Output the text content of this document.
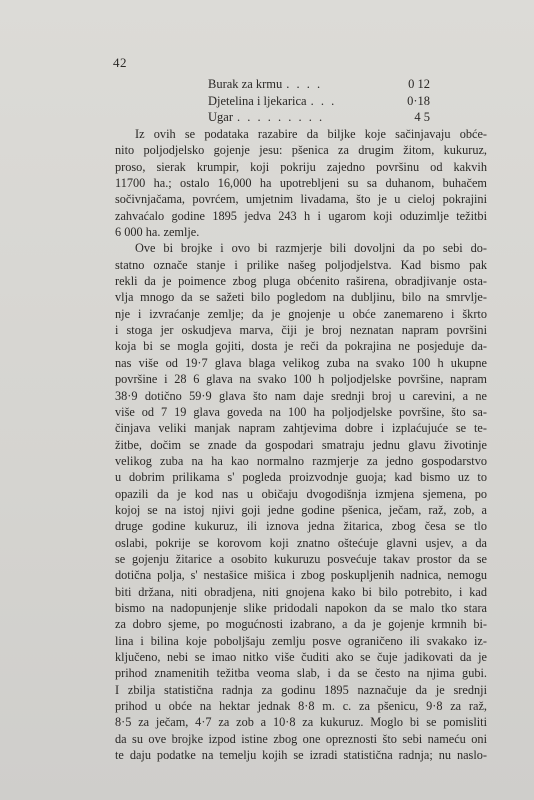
42
Burak za krmu . . . .	0 12
Djetelina i ljekarica . . .	0·18
Ugar . . . . . . . . .	4 5
Iz ovih se podataka razabire da biljke koje sačinjavaju obće-
nito poljodjelsko gojenje jesu: pšenica za drugim žitom, kukuruz,
proso, sierak krumpir, koji pokriju zajedno površinu od kakvih
11700 ha.; ostalo 16,000 ha upotrebljeni su sa duhanom, buhačem
sočivnjačama, povrćem, umjetnim livadama, što je u cieloj pokrajini
zahvaćalo godine 1895 jedva 243 h i ugarom koji oduzimlje težitbi
6 000 ha. zemlje.
Ove bi brojke i ovo bi razmjerje bili dovoljni da po sebi do-
statno označe stanje i prilike našeg poljodjelstva. Kad bismo pak
rekli da je poimence zbog pluga obćenito raširena, obradjivanje osta-
vlja mnogo da se sažeti bilo pogledom na dubljinu, bilo na smrvlje-
nje i izvraćanje zemlje; da je gnojenje u obće zanemareno i škrto
i stoga jer oskudjeva marva, čiji je broj neznatan napram površini
koja bi se mogla gojiti, dosta je reči da pokrajina ne posjeduje da-
nas više od 19·7 glava blaga velikog zuba na svako 100 h ukupne
površine i 28 6 glava na svako 100 h poljodjelske površine, napram
38·9 dotično 59·9 glava što nam daje srednji broj u carevini, a ne
više od 7 19 glava goveda na 100 ha poljodjelske površine, što sa-
činjava veliki manjak napram zahtjevima dobre i izplaćujuće se te-
žitbe, dočim se znade da gospodari smatraju jednu glavu životinje
velikog zuba na ha kao normalno razmjerje za jedno gospodarstvo
u dobrim prilikama s' pogleda proizvodnje guoja; kad bismo uz to
opazili da je kod nas u običaju dvogodišnja izmjena sjemena, po
kojoj se na istoj njivi goji jedne godine pšenica, ječam, raž, zob, a
druge godine kukuruz, ili iznova jedna žitarica, zbog česa se tlo
oslabi, pokrije se korovom koji znatno oštećuje glavni usjev, a da
se gojenju žitarice a osobito kukuruzu posvećuje takav prostor da se
dotična polja, s' nestašice mišica i zbog poskupljenih nadnica, nemogu
biti držana, niti obradjena, niti gnojena kako bi bilo potrebito, i kad
bismo na nadopunjenje slike pridodali napokon da se malo tko stara
za dobro sjeme, po mogućnosti izabrano, a da je gojenje krmnih bi-
lina i bilina koje poboljšaju zemlju posve ograničeno ili svakako iz-
ključeno, nebi se imao nitko više čuditi ako se čuje jadikovati da je
prihod znamenitih težitba veoma slab, i da se često na njima gubi.
I zbilja statistična radnja za godinu 1895 naznačuje da je srednji
prihod u obće na hektar jednak 8·8 m. c. za pšenicu, 9·8 za raž,
8·5 za ječam, 4·7 za zob a 10·8 za kukuruz. Moglo bi se pomisliti
da su ove brojke izpod istine zbog one opreznosti što sebi nameću oni
te daju podatke na temelju kojih se izradi statistična radnja; nu naslo-
